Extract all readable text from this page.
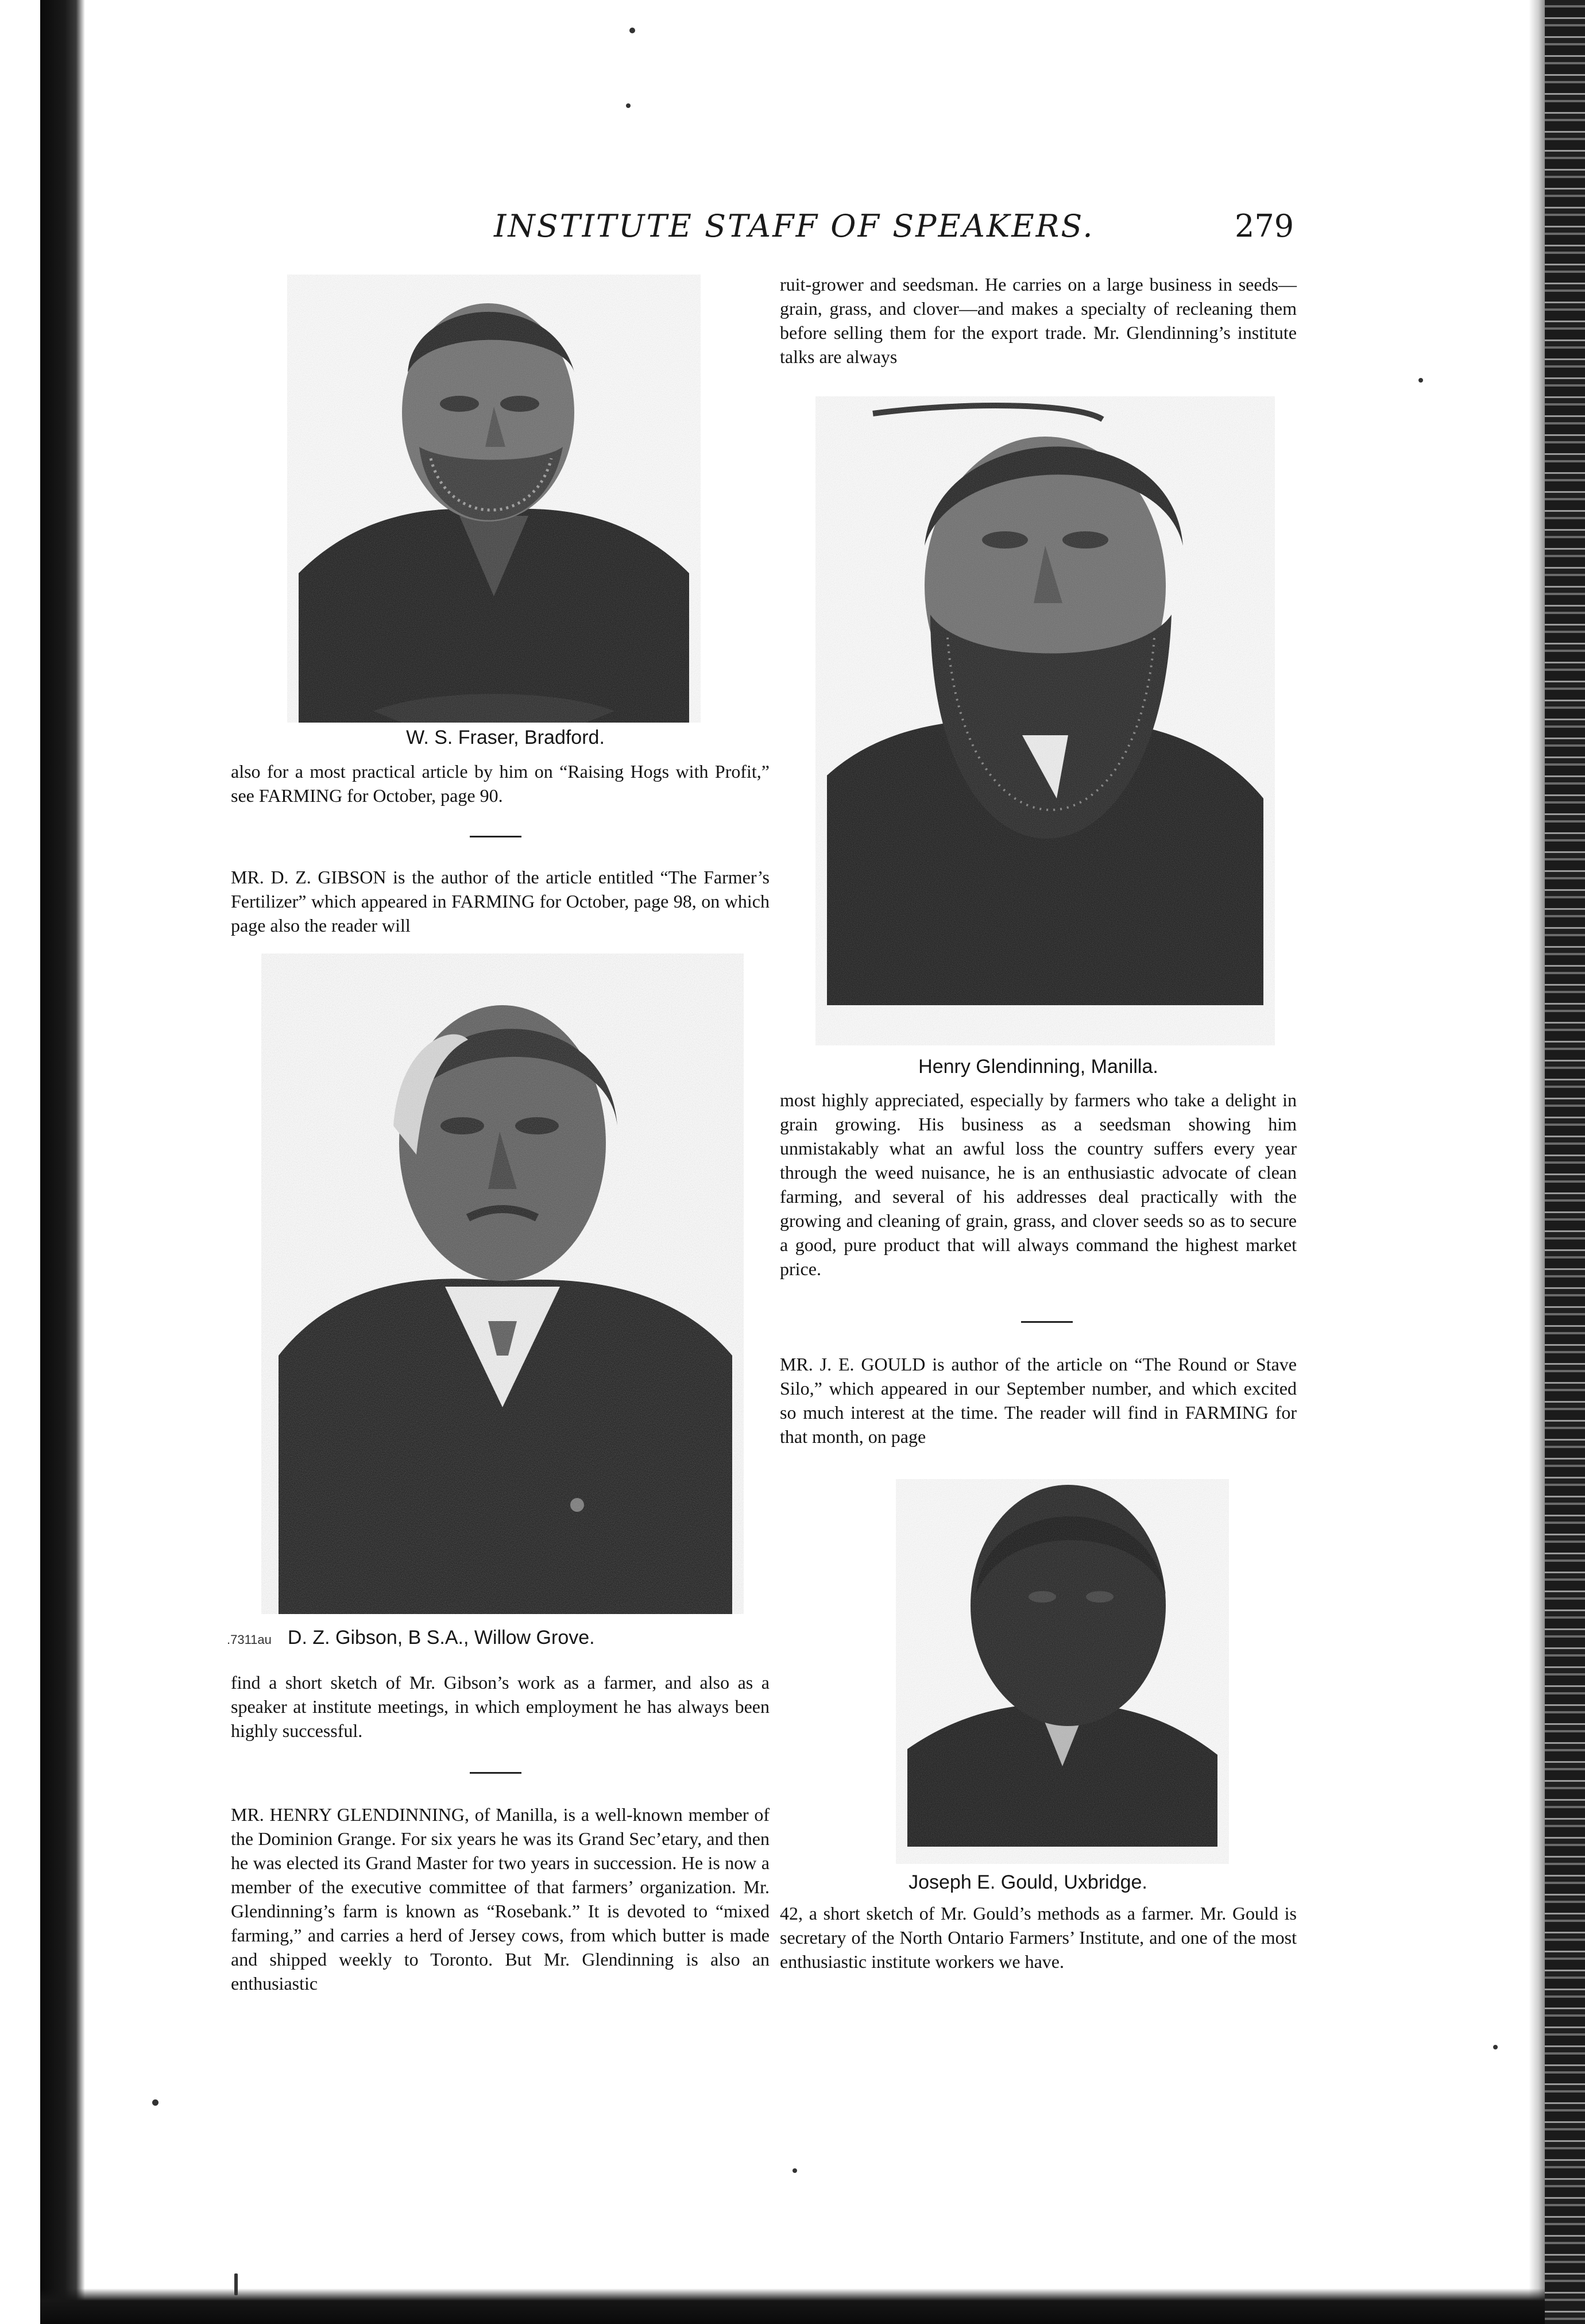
INSTITUTE STAFF OF SPEAKERS.	279
W. S. Fraser, Bradford.
also for a most practical article by him on “Raising Hogs with Profit,” see FARMING for October, page 90.
MR. D. Z. GIBSON is the author of the article entitled “The Farmer’s Fertilizer” which appeared in FARMING for October, page 98, on which page also the reader will
.7311au D. Z. Gibson, B S.A., Willow Grove.
find a short sketch of Mr. Gibson’s work as a farmer, and also as a speaker at institute meetings, in which employment he has always been highly successful.
MR. HENRY GLENDINNING, of Manilla, is a well-known member of the Dominion Grange. For six years he was its Grand Sec’etary, and then he was elected its Grand Master for two years in succession. He is now a member of the executive committee of that farmers’ organization. Mr. Glendinning’s farm is known as “Rosebank.” It is devoted to “mixed farming,” and carries a herd of Jersey cows, from which butter is made and shipped weekly to Toronto. But Mr. Glendinning is also an enthusiastic
ruit-grower and seedsman. He carries on a large business in seeds—grain, grass, and clover—and makes a specialty of recleaning them before selling them for the export trade. Mr. Glendinning’s institute talks are always
Henry Glendinning, Manilla.
most highly appreciated, especially by farmers who take a delight in grain growing. His business as a seedsman showing him unmistakably what an awful loss the country suffers every year through the weed nuisance, he is an enthusiastic advocate of clean farming, and several of his addresses deal practically with the growing and cleaning of grain, grass, and clover seeds so as to secure a good, pure product that will always command the highest market price.
MR. J. E. GOULD is author of the article on “The Round or Stave Silo,” which appeared in our September number, and which excited so much interest at the time. The reader will find in FARMING for that month, on page
Joseph E. Gould, Uxbridge.
42, a short sketch of Mr. Gould’s methods as a farmer. Mr. Gould is secretary of the North Ontario Farmers’ Institute, and one of the most enthusiastic institute workers we have.
